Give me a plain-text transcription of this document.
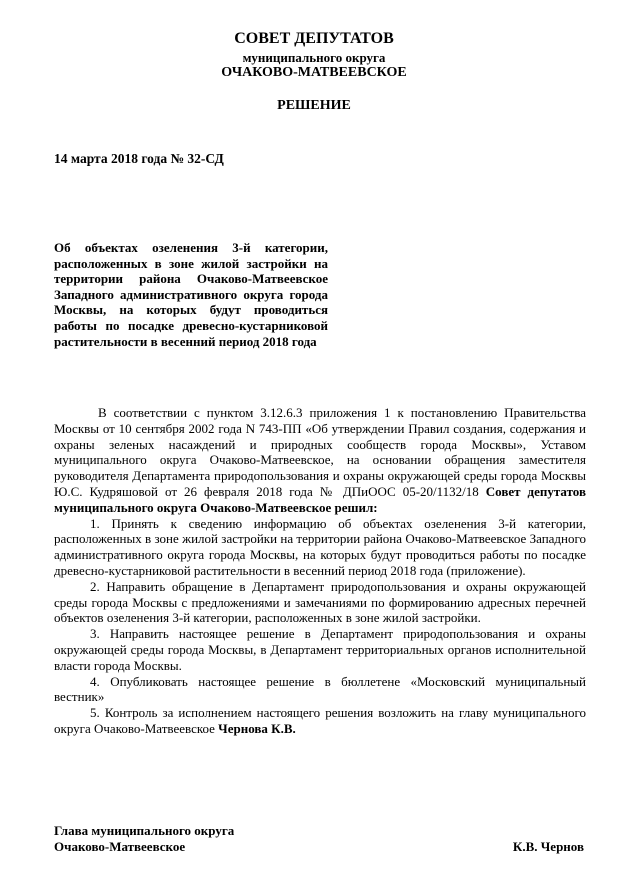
СОВЕТ ДЕПУТАТОВ
муниципального округа
ОЧАКОВО-МАТВЕЕВСКОЕ
РЕШЕНИЕ
14 марта 2018 года № 32-СД

Об объектах озеленения 3-й категории, расположенных в зоне жилой застройки на территории района Очаково-Матвеевское Западного административного округа города Москвы, на которых будут проводиться работы по посадке древесно-кустарниковой растительности в весенний период 2018 года

В соответствии с пунктом 3.12.6.3 приложения 1 к постановлению Правительства Москвы от 10 сентября 2002 года N 743-ПП «Об утверждении Правил создания, содержания и охраны зеленых насаждений и природных сообществ города Москвы», Уставом муниципального округа Очаково-Матвеевское, на основании обращения заместителя руководителя Департамента природопользования и охраны окружающей среды города Москвы Ю.С. Кудряшовой от 26 февраля 2018 года № ДПиООС 05-20/1132/18 Совет депутатов муниципального округа Очаково-Матвеевское решил:

1. Принять к сведению информацию об объектах озеленения 3-й категории, расположенных в зоне жилой застройки на территории района Очаково-Матвеевское Западного административного округа города Москвы, на которых будут проводиться работы по посадке древесно-кустарниковой растительности в весенний период 2018 года (приложение).

2. Направить обращение в Департамент природопользования и охраны окружающей среды города Москвы с предложениями и замечаниями по формированию адресных перечней объектов озеленения 3-й категории, расположенных в зоне жилой застройки.

3. Направить настоящее решение в Департамент природопользования и охраны окружающей среды города Москвы, в Департамент территориальных органов исполнительной власти города Москвы.

4. Опубликовать настоящее решение в бюллетене «Московский муниципальный вестник»

5. Контроль за исполнением настоящего решения возложить на главу муниципального округа Очаково-Матвеевское Чернова К.В.

Глава муниципального округа
Очаково-Матвеевское	К.В. Чернов
